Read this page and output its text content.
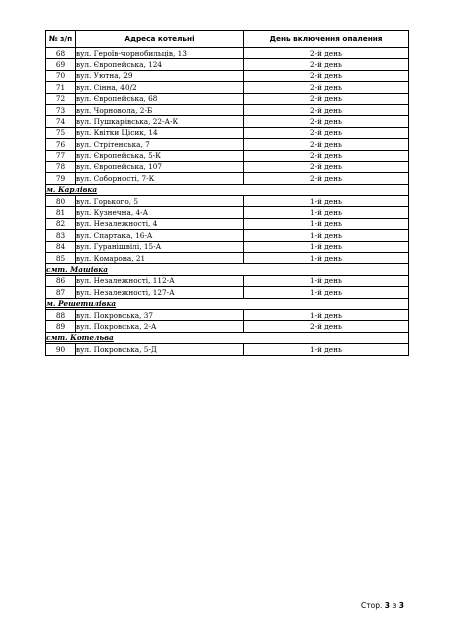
№ з/п	Адреса котельні	День включення опалення
68	вул. Героїв-чорнобильців, 13	2-й день
69	вул. Європейська, 124	2-й день
70	вул. Уютна, 29	2-й день
71	вул. Сінна, 40/2	2-й день
72	вул. Європейська, 68	2-й день
73	вул. Чорновола, 2-Б	2-й день
74	вул. Пушкарівська, 22-А-К	2-й день
75	вул. Квітки Цісик, 14	2-й день
76	вул. Стрітенська, 7	2-й день
77	вул. Європейська, 5-К	2-й день
78	вул. Європейська, 107	2-й день
79	вул. Соборності, 7-К	2-й день
м. Карлівка		
80	вул. Горького, 5	1-й день
81	вул. Кузнечна, 4-А	1-й день
82	вул. Незалежності, 4	1-й день
83	вул. Спартака, 16-А	1-й день
84	вул. Гуранішвілі, 15-А	1-й день
85	вул. Комарова, 21	1-й день
смт. Машівка		
86	вул. Незалежності, 112-А	1-й день
87	вул. Незалежності, 127-А	1-й день
м. Решетилівка		
88	вул. Покровська, 37	1-й день
89	вул. Покровська, 2-А	2-й день
смт. Котельва		
90	вул. Покровська, 5-Д	1-й день
Стор. 3 з 3
